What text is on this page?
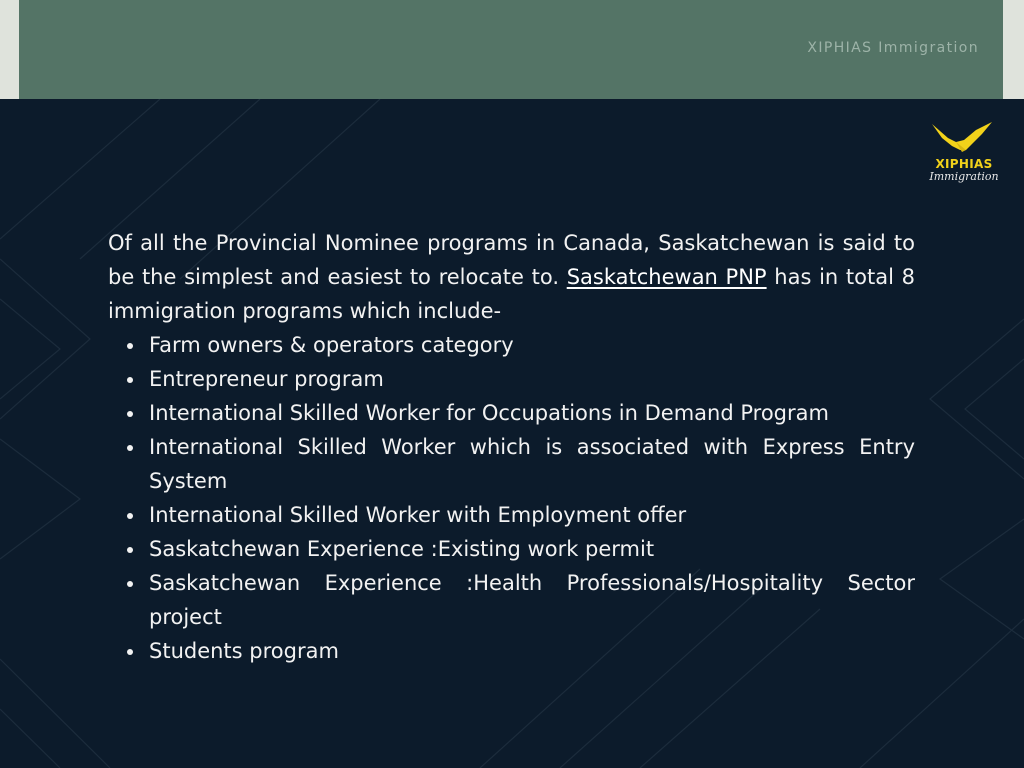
XIPHIAS Immigration
XIPHIAS
Immigration

Of all the Provincial Nominee programs in Canada, Saskatchewan is said to be the simplest and easiest to relocate to. Saskatchewan PNP has in total 8 immigration programs which include-

Farm owners & operators category
Entrepreneur program
International Skilled Worker for Occupations in Demand Program
International Skilled Worker which is associated with Express Entry System
International Skilled Worker with Employment offer
Saskatchewan Experience :Existing work permit
Saskatchewan Experience :Health Professionals/Hospitality Sector project
Students program
